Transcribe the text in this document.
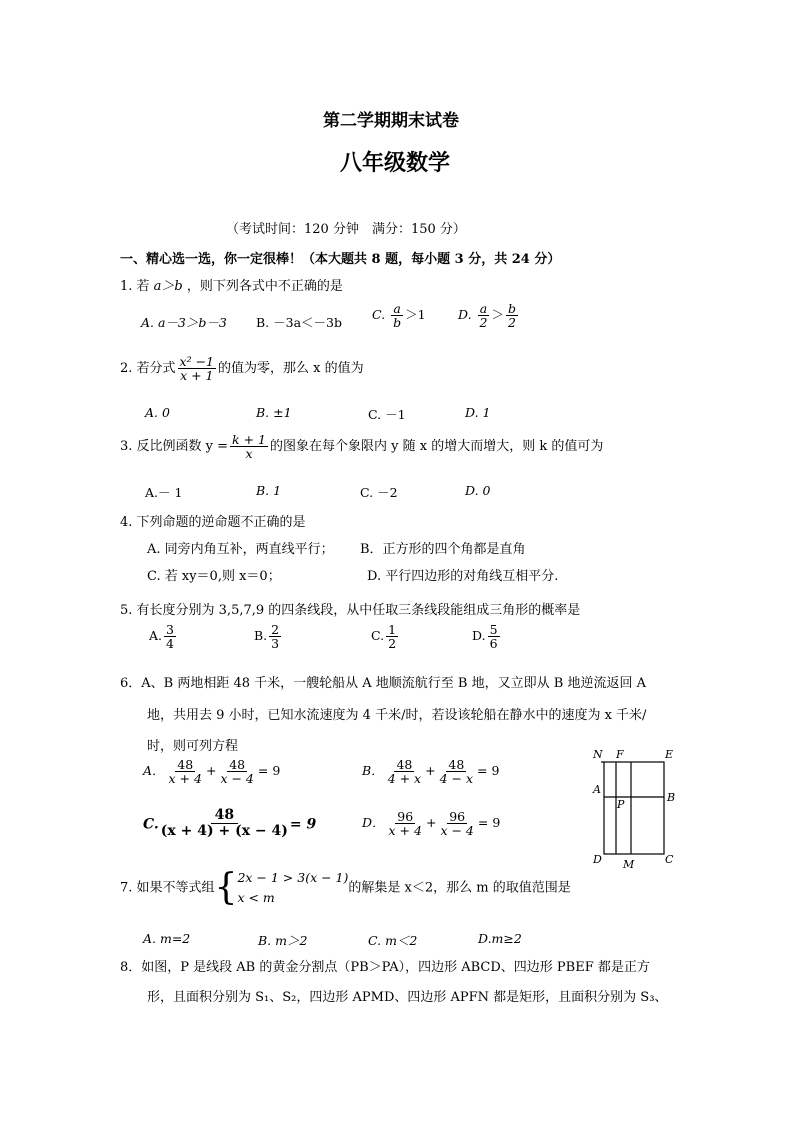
第二学期期末试卷
八年级数学
（考试时间：120 分钟　满分：150 分）
一、精心选一选，你一定很棒！（本大题共 8 题，每小题 3 分，共 24 分）
1. 若 a＞b ，则下列各式中不正确的是
A. a－3＞b－3 B. －3a＜－3b
C. $\frac{a}{b} >1$	D. $\frac{a}{2} > \frac{b}{2}$
2. 若分式 $\frac{\text{x² −1}}{x + 1}$ 的值为零，那么 x 的值为
A. 0	B. ±1	C. －1	D. 1
3. 反比例函数 $y = \frac{k + 1}{x}$ 的图象在每个象限内 y 随 x 的增大而增大，则 k 的值可为
A.－ 1	B. 1	C. －2	D. 0
4. 下列命题的逆命题不正确的是
A. 同旁内角互补，两直线平行； B．正方形的四个角都是直角
C. 若 xy＝0,则 x＝0；	D. 平行四边形的对角线互相平分.
5. 有长度分别为 3,5,7,9 的四条线段，从中任取三条线段能组成三角形的概率是
A. $\frac{3}{4}$	B. $\frac{2}{3}$	C. $\frac{1}{2}$	D. $\frac{5}{6}$
6．A、B 两地相距 48 千米，一艘轮船从 A 地顺流航行至 B 地，又立即从 B 地逆流返回 A
地，共用去 9 小时，已知水流速度为 4 千米/时，若设该轮船在静水中的速度为 x 千米/
时，则可列方程
A． $\frac{48}{x + 4} + \frac{48}{x - 4} = 9$	B． $\frac{48}{4 + x} + \frac{48}{4 - x} = 9$
C. $\frac{48}{(x + 4) + (x - 4)} = 9$	D． $\frac{96}{x + 4} + \frac{96}{x - 4} = 9$
N F	E
A
P
B
D M	C
7. 如果不等式组{ 2x − 1 > 3(x − 1)
x < m
的解集是 x＜2，那么 m 的取值范围是
A. m=2	B. m＞2	C. m＜2	D.m≥2
8．如图，P 是线段 AB 的黄金分割点（PB＞PA），四边形 ABCD、四边形 PBEF 都是正方
形，且面积分别为 S₁、S₂，四边形 APMD、四边形 APFN 都是矩形，且面积分别为 S₃、
